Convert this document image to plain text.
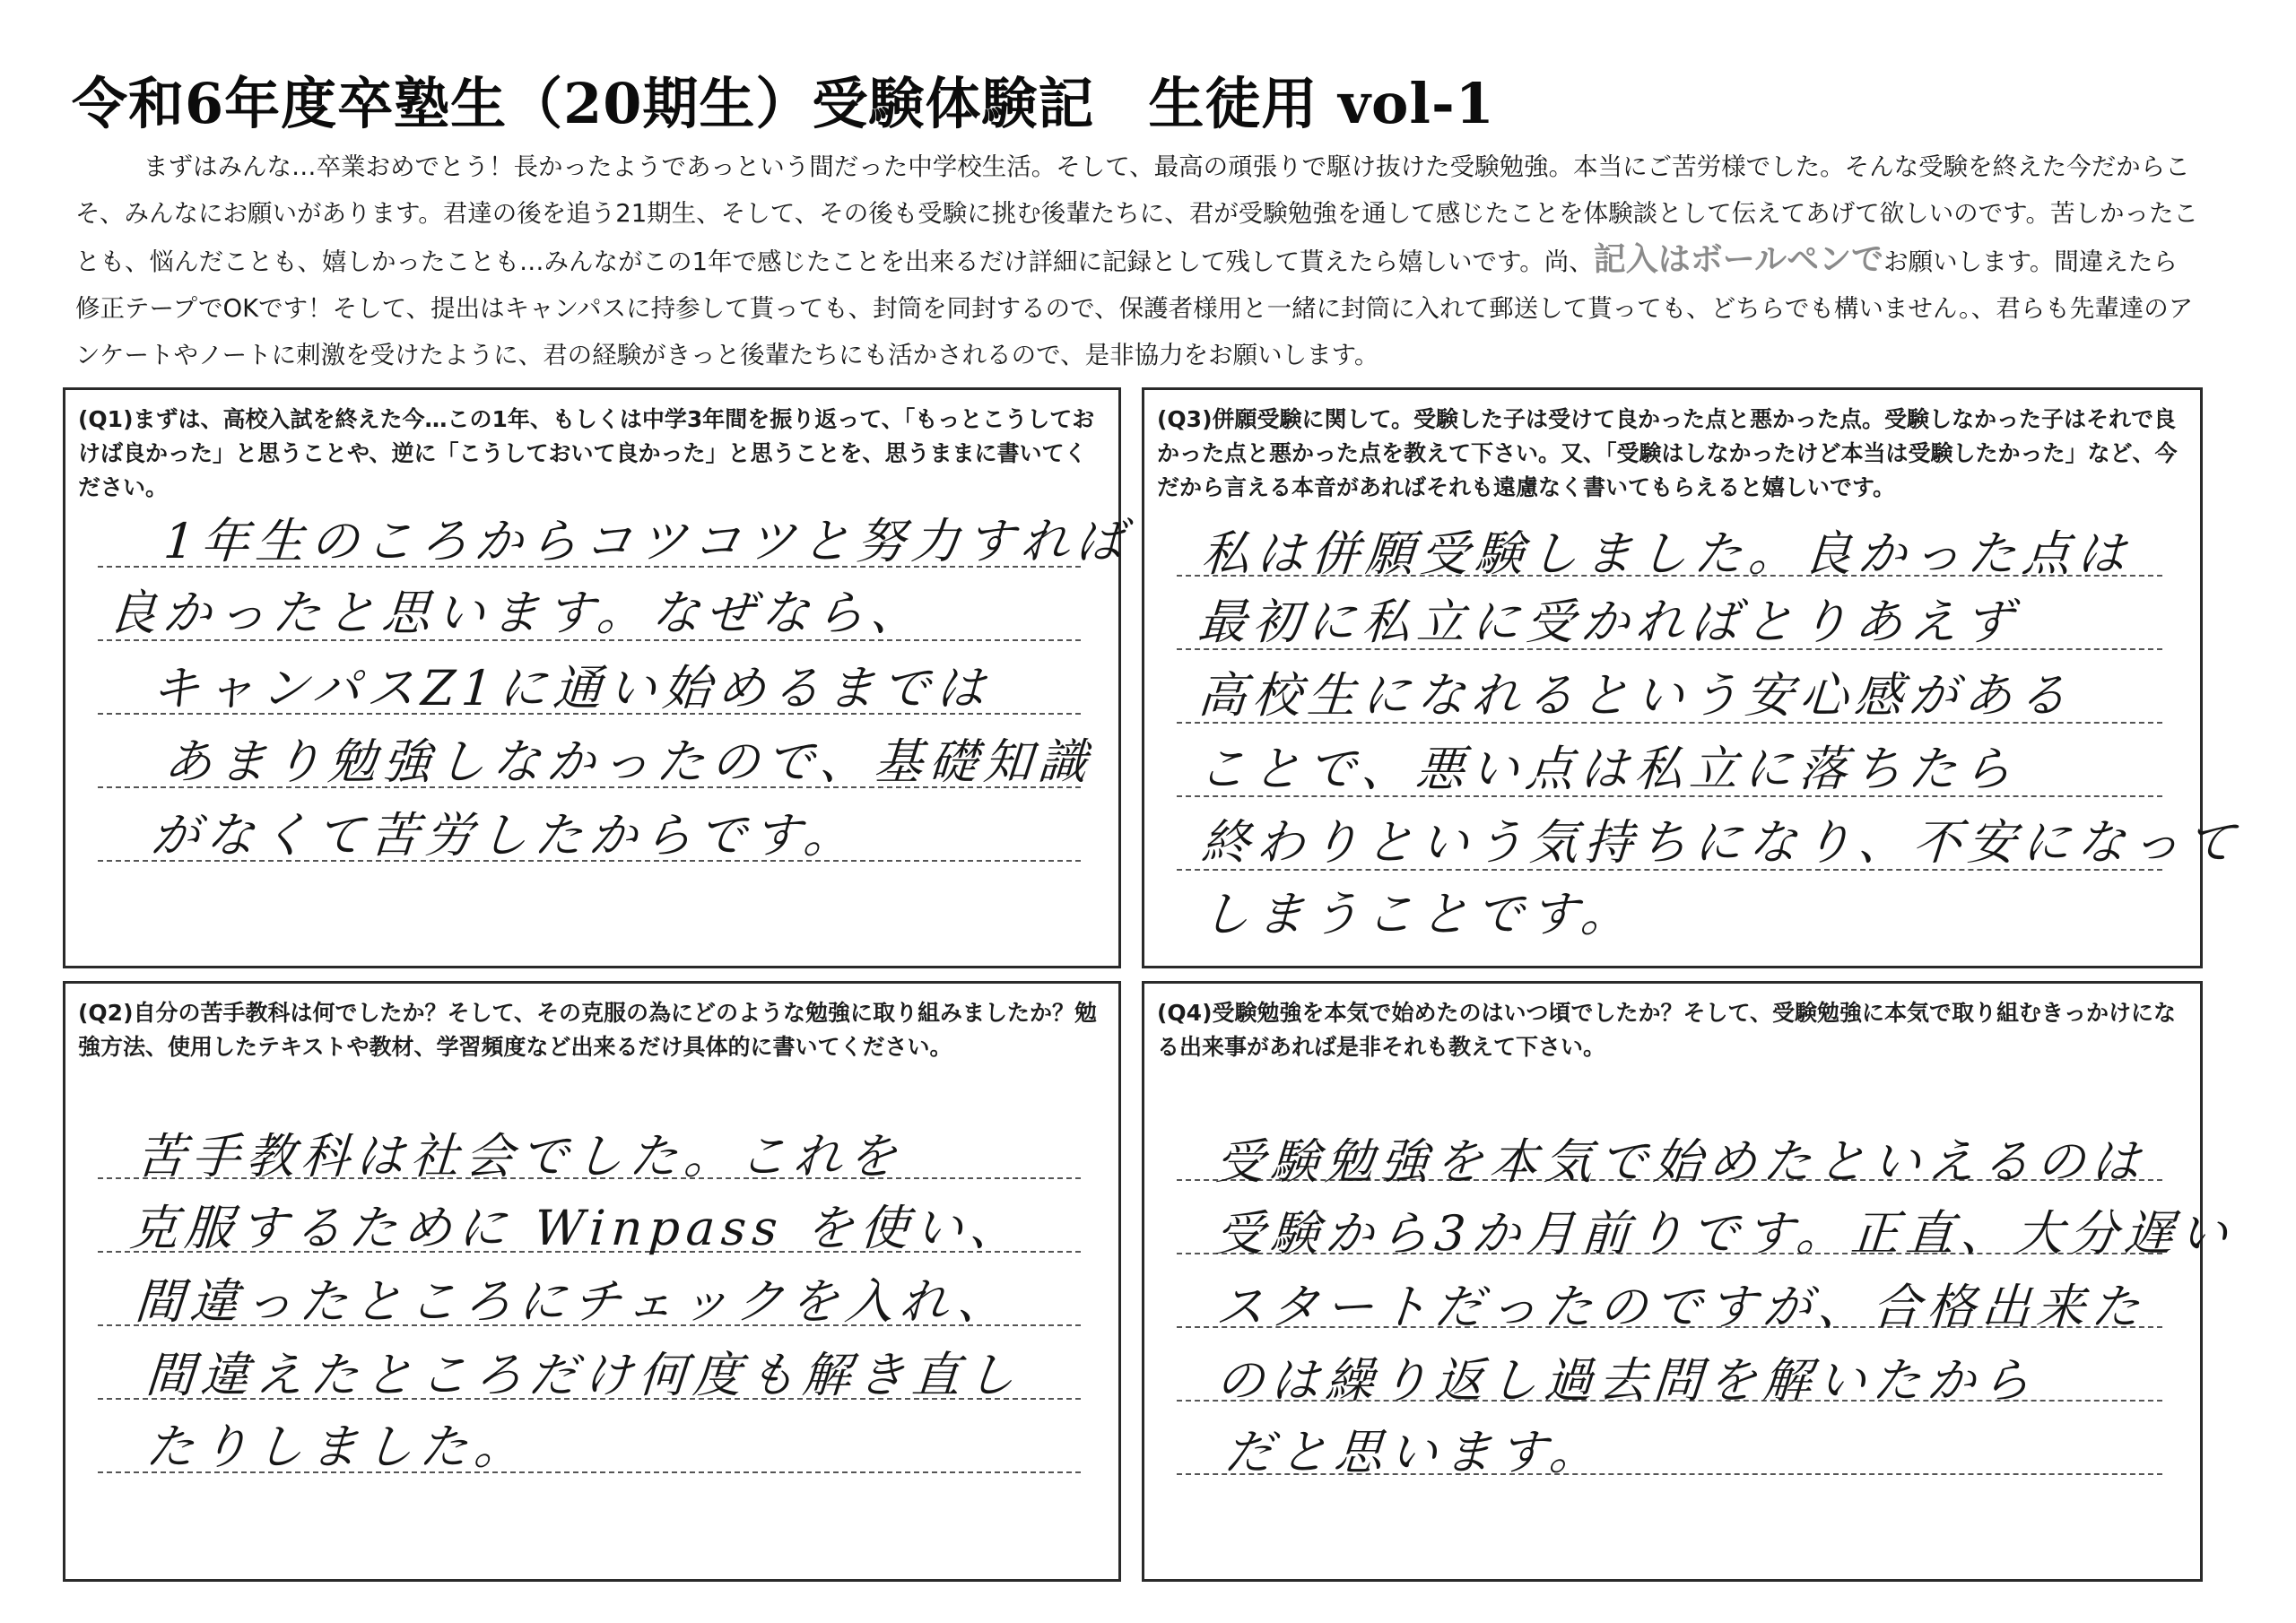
令和6年度卒塾生（20期生）受験体験記 生徒用 vol-1
まずはみんな…卒業おめでとう！長かったようであっという間だった中学校生活。そして、最高の頑張りで駆け抜けた受験勉強。本当にご苦労様でした。そんな受験を終えた今だからこそ、みんなにお願いがあります。君達の後を追う21期生、そして、その後も受験に挑む後輩たちに、君が受験勉強を通して感じたことを体験談として伝えてあげて欲しいのです。苦しかったことも、悩んだことも、嬉しかったことも…みんながこの1年で感じたことを出来るだけ詳細に記録として残して貰えたら嬉しいです。尚、記入はボールペンでお願いします。間違えたら修正テープでOKです！そして、提出はキャンパスに持参して貰っても、封筒を同封するので、保護者様用と一緒に封筒に入れて郵送して貰っても、どちらでも構いません。、君らも先輩達のアンケートやノートに刺激を受けたように、君の経験がきっと後輩たちにも活かされるので、是非協力をお願いします。
(Q1)まずは、高校入試を終えた今…この1年、もしくは中学3年間を振り返って、「もっとこうしておけば良かった」と思うことや、逆に「こうしておいて良かった」と思うことを、思うままに書いてください。
1年生のころからコツコツと努力すれば
良かったと思います。なぜなら、
キャンパスZ1に通い始めるまでは
あまり勉強しなかったので、基礎知識
がなくて苦労したからです。
(Q3)併願受験に関して。受験した子は受けて良かった点と悪かった点。受験しなかった子はそれで良かった点と悪かった点を教えて下さい。又、「受験はしなかったけど本当は受験したかった」など、今だから言える本音があればそれも遠慮なく書いてもらえると嬉しいです。
私は併願受験しました。良かった点は
最初に私立に受かればとりあえず
高校生になれるという安心感がある
ことで、悪い点は私立に落ちたら
終わりという気持ちになり、不安になって
しまうことです。
(Q2)自分の苦手教科は何でしたか？そして、その克服の為にどのような勉強に取り組みましたか？勉強方法、使用したテキストや教材、学習頻度など出来るだけ具体的に書いてください。
苦手教科は社会でした。これを
克服するために Winpass を使い、
間違ったところにチェックを入れ、
間違えたところだけ何度も解き直し
たりしました。
(Q4)受験勉強を本気で始めたのはいつ頃でしたか？そして、受験勉強に本気で取り組むきっかけになる出来事があれば是非それも教えて下さい。
受験勉強を本気で始めたといえるのは
受験から3か月前りです。正直、大分遅い
スタートだったのですが、合格出来た
のは繰り返し過去問を解いたから
だと思います。
